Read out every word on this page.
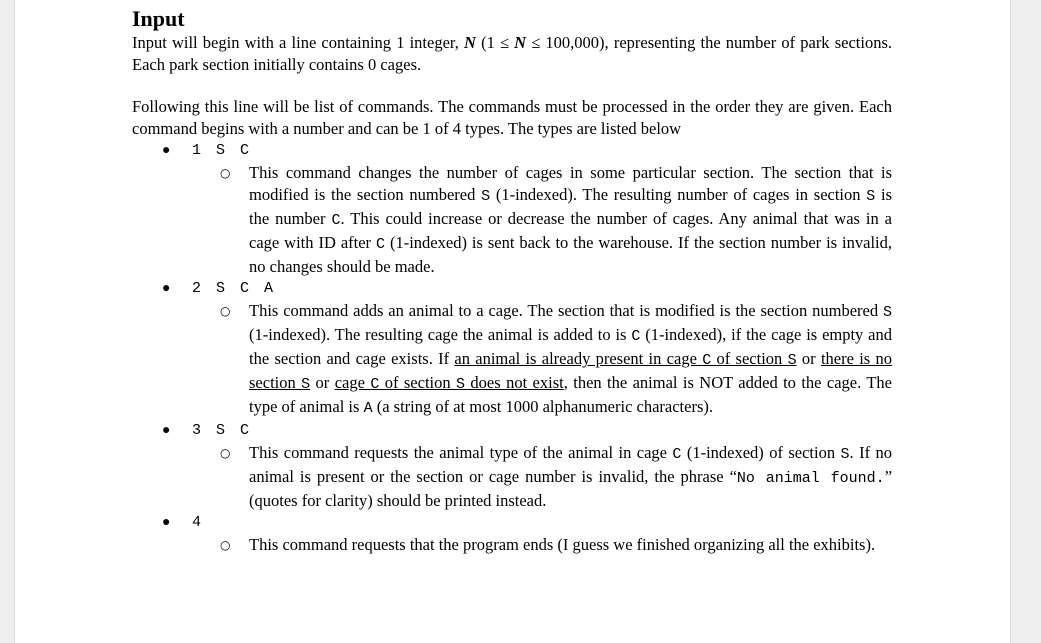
Input

Input will begin with a line containing 1 integer, N (1 ≤ N ≤ 100,000), representing the number of park sections. Each park section initially contains 0 cages.

Following this line will be list of commands. The commands must be processed in the order they are given. Each command begins with a number and can be 1 of 4 types. The types are listed below

● 1 S C
○ This command changes the number of cages in some particular section. The section that is modified is the section numbered S (1-indexed). The resulting number of cages in section S is the number C. This could increase or decrease the number of cages. Any animal that was in a cage with ID after C (1-indexed) is sent back to the warehouse. If the section number is invalid, no changes should be made.

● 2 S C A
○ This command adds an animal to a cage. The section that is modified is the section numbered S (1-indexed). The resulting cage the animal is added to is C (1-indexed), if the cage is empty and the section and cage exists. If an animal is already present in cage C of section S or there is no section S or cage C of section S does not exist, then the animal is NOT added to the cage. The type of animal is A (a string of at most 1000 alphanumeric characters).

● 3 S C
○ This command requests the animal type of the animal in cage C (1-indexed) of section S. If no animal is present or the section or cage number is invalid, the phrase “No animal found.” (quotes for clarity) should be printed instead.

● 4
○ This command requests that the program ends (I guess we finished organizing all the exhibits).
